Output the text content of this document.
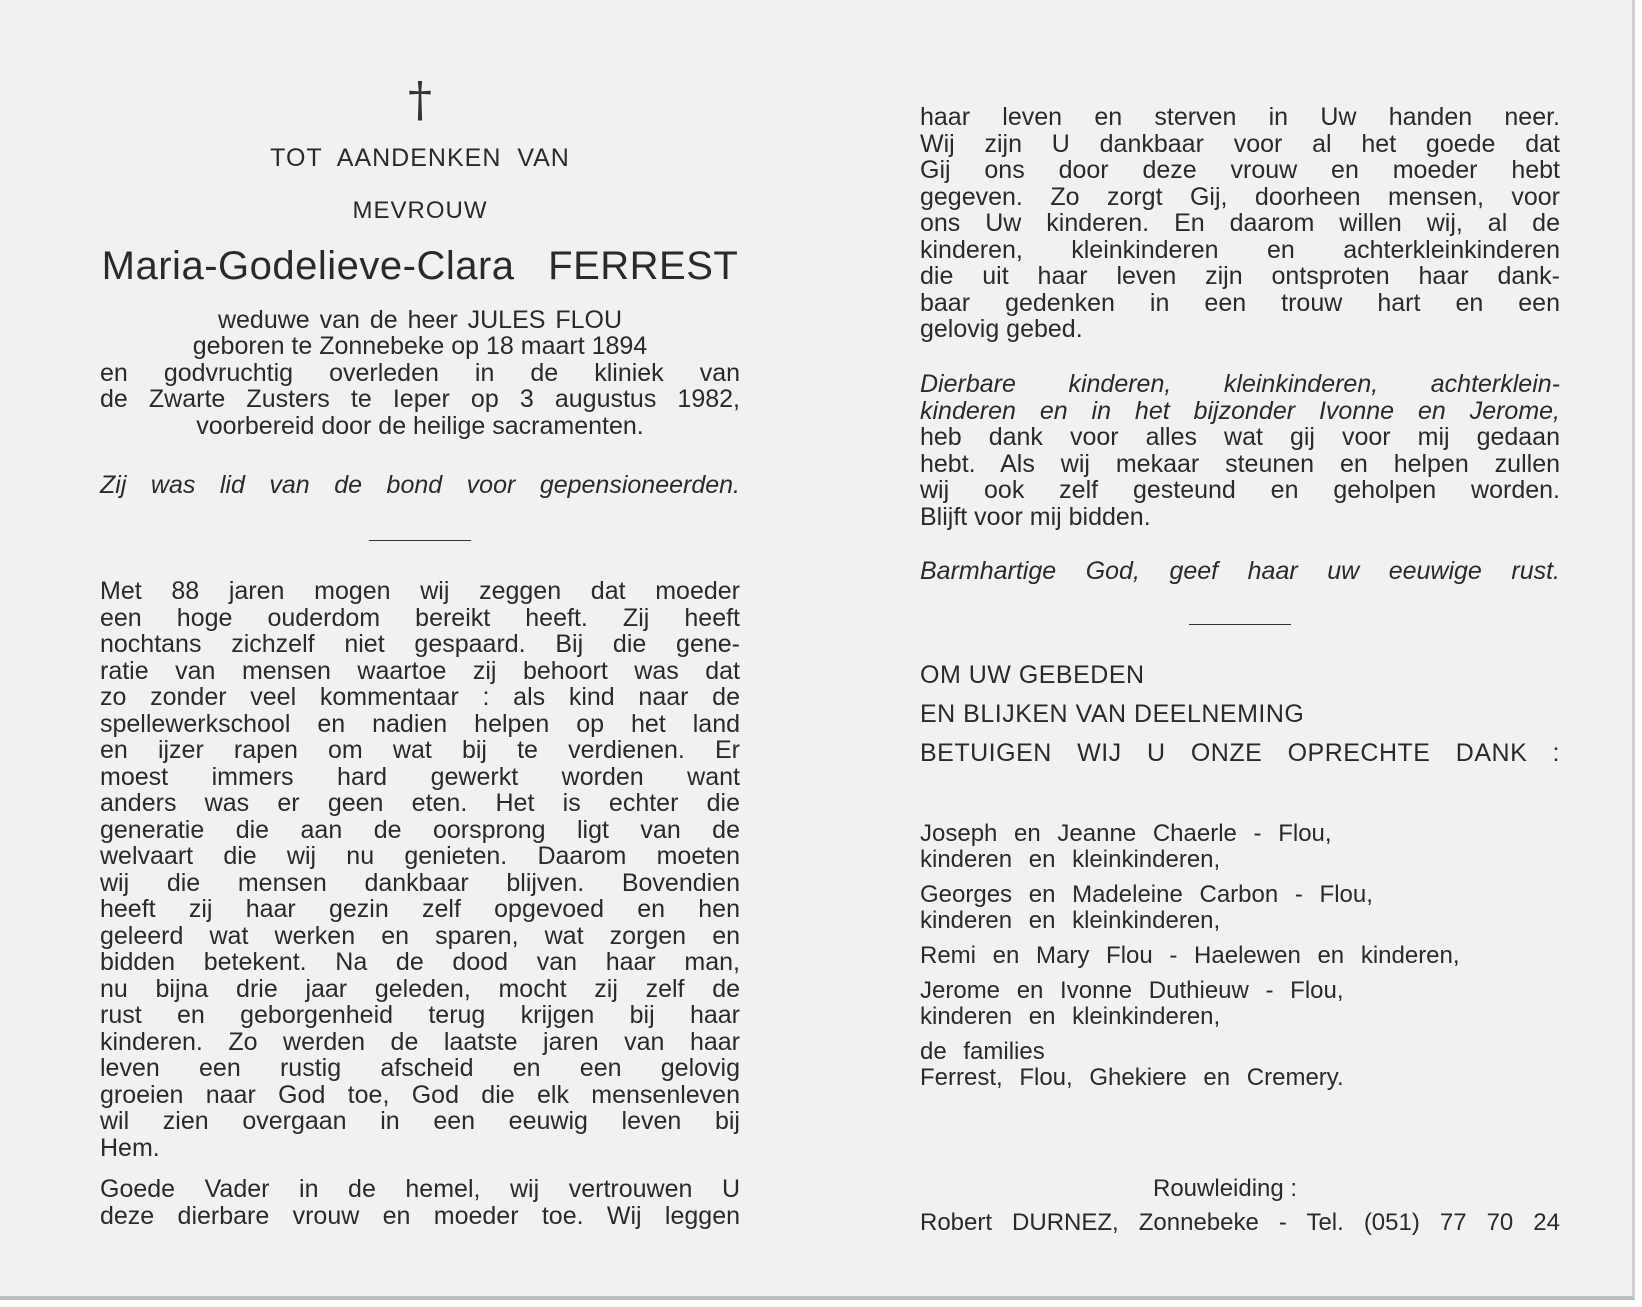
†
TOT AANDENKEN VAN
MEVROUW
Maria-Godelieve-Clara FERREST
weduwe van de heer JULES FLOU
geboren te Zonnebeke op 18 maart 1894
en godvruchtig overleden in de kliniek van
de Zwarte Zusters te Ieper op 3 augustus 1982,
voorbereid door de heilige sacramenten.
Zij was lid van de bond voor gepensioneerden.
Met 88 jaren mogen wij zeggen dat moeder
een hoge ouderdom bereikt heeft. Zij heeft
nochtans zichzelf niet gespaard. Bij die gene-
ratie van mensen waartoe zij behoort was dat
zo zonder veel kommentaar : als kind naar de
spellewerkschool en nadien helpen op het land
en ijzer rapen om wat bij te verdienen. Er
moest immers hard gewerkt worden want
anders was er geen eten. Het is echter die
generatie die aan de oorsprong ligt van de
welvaart die wij nu genieten. Daarom moeten
wij die mensen dankbaar blijven. Bovendien
heeft zij haar gezin zelf opgevoed en hen
geleerd wat werken en sparen, wat zorgen en
bidden betekent. Na de dood van haar man,
nu bijna drie jaar geleden, mocht zij zelf de
rust en geborgenheid terug krijgen bij haar
kinderen. Zo werden de laatste jaren van haar
leven een rustig afscheid en een gelovig
groeien naar God toe, God die elk mensenleven
wil zien overgaan in een eeuwig leven bij
Hem.
Goede Vader in de hemel, wij vertrouwen U
deze dierbare vrouw en moeder toe. Wij leggen
haar leven en sterven in Uw handen neer.
Wij zijn U dankbaar voor al het goede dat
Gij ons door deze vrouw en moeder hebt
gegeven. Zo zorgt Gij, doorheen mensen, voor
ons Uw kinderen. En daarom willen wij, al de
kinderen, kleinkinderen en achterkleinkinderen
die uit haar leven zijn ontsproten haar dank-
baar gedenken in een trouw hart en een
gelovig gebed.
Dierbare kinderen, kleinkinderen, achterklein-
kinderen en in het bijzonder Ivonne en Jerome,
heb dank voor alles wat gij voor mij gedaan
hebt. Als wij mekaar steunen en helpen zullen
wij ook zelf gesteund en geholpen worden.
Blijft voor mij bidden.
Barmhartige God, geef haar uw eeuwige rust.
OM UW GEBEDEN
EN BLIJKEN VAN DEELNEMING
BETUIGEN WIJ U ONZE OPRECHTE DANK :
Joseph en Jeanne Chaerle - Flou,
kinderen en kleinkinderen,
Georges en Madeleine Carbon - Flou,
kinderen en kleinkinderen,
Remi en Mary Flou - Haelewen en kinderen,
Jerome en Ivonne Duthieuw - Flou,
kinderen en kleinkinderen,
de families
Ferrest, Flou, Ghekiere en Cremery.
Rouwleiding :
Robert DURNEZ, Zonnebeke - Tel. (051) 77 70 24
